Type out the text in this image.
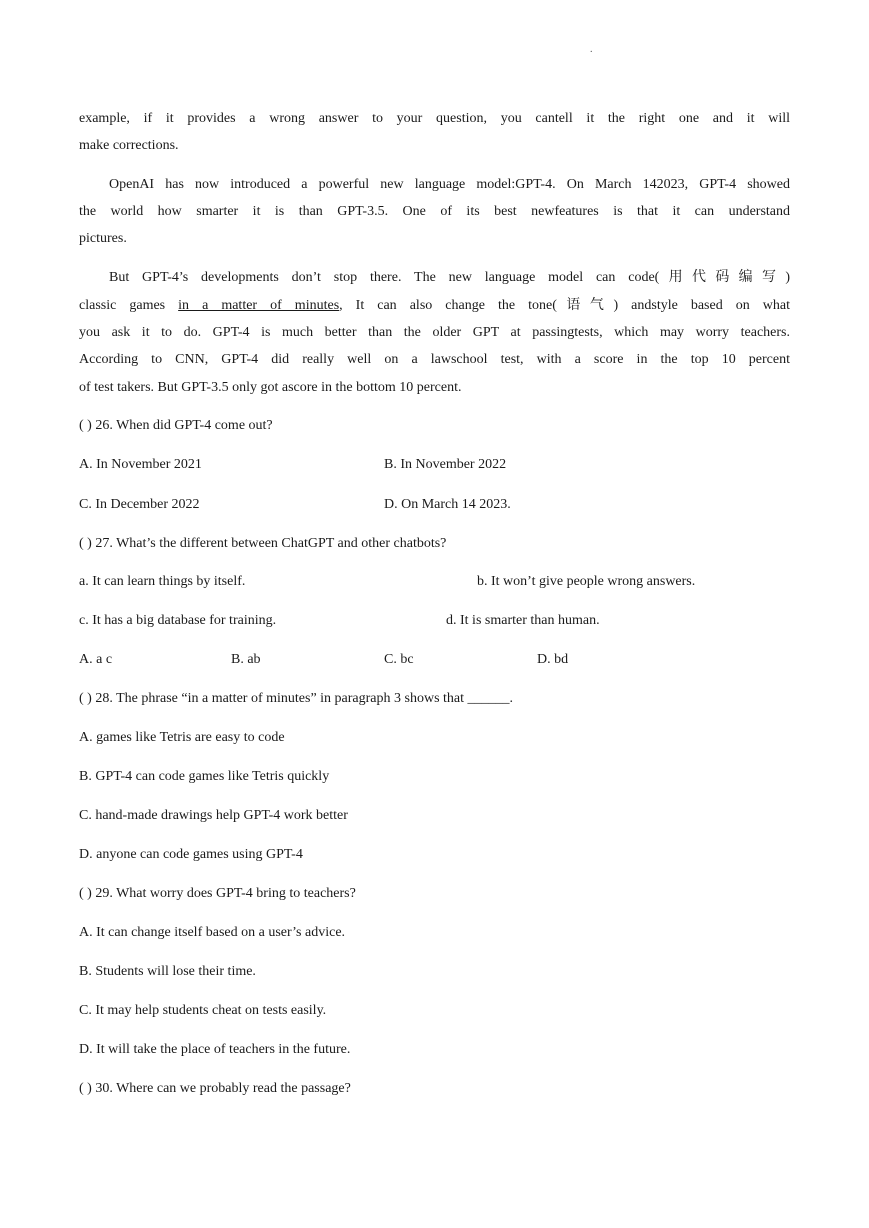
.
example, if it provides a wrong answer to your question, you cantell it the right one and it will
make corrections.
OpenAI has now introduced a powerful new language model:GPT-4. On March 142023, GPT-4 showed
the world how smarter it is than GPT-3.5. One of its best newfeatures is that it can understand
pictures.
But GPT-4’s developments don’t stop there. The new language model can code(用代码编写)
classic games in a matter of minutes, It can also change the tone(语气) andstyle based on what
you ask it to do. GPT-4 is much better than the older GPT at passingtests, which may worry teachers.
According to CNN, GPT-4 did really well on a lawschool test, with a score in the top 10 percent
of test takers. But GPT-3.5 only got ascore in the bottom 10 percent.
( ) 26. When did GPT-4 come out?
A. In November 2021	B. In November 2022
C. In December 2022	D. On March 14 2023.
( ) 27. What’s the different between ChatGPT and other chatbots?
a. It can learn things by itself.	b. It won’t give people wrong answers.
c. It has a big database for training.	d. It is smarter than human.
A. a c	B. ab	C. bc	D. bd
( ) 28. The phrase “in a matter of minutes” in paragraph 3 shows that ______.
A. games like Tetris are easy to code
B. GPT-4 can code games like Tetris quickly
C. hand-made drawings help GPT-4 work better
D. anyone can code games using GPT-4
( ) 29. What worry does GPT-4 bring to teachers?
A. It can change itself based on a user’s advice.
B. Students will lose their time.
C. It may help students cheat on tests easily.
D. It will take the place of teachers in the future.
( ) 30. Where can we probably read the passage?
